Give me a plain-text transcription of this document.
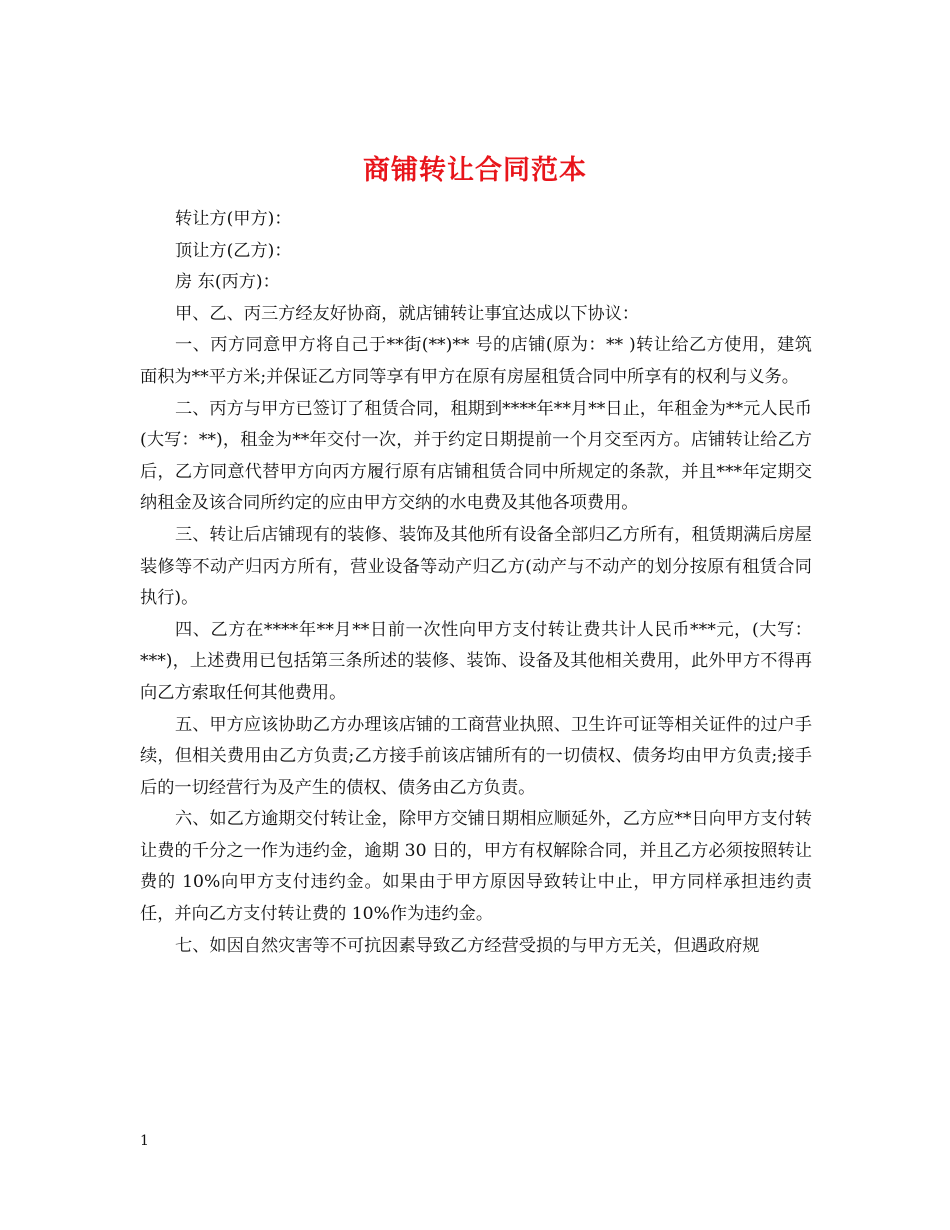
商铺转让合同范本
转让方(甲方)：
顶让方(乙方)：
房 东(丙方)：

甲、乙、丙三方经友好协商，就店铺转让事宜达成以下协议：

一、丙方同意甲方将自己于**街(**)** 号的店铺(原为：** )转让给乙方使用，建筑面积为**平方米;并保证乙方同等享有甲方在原有房屋租赁合同中所享有的权利与义务。

二、丙方与甲方已签订了租赁合同，租期到****年**月**日止，年租金为**元人民币(大写：**)，租金为**年交付一次，并于约定日期提前一个月交至丙方。店铺转让给乙方后，乙方同意代替甲方向丙方履行原有店铺租赁合同中所规定的条款，并且***年定期交纳租金及该合同所约定的应由甲方交纳的水电费及其他各项费用。

三、转让后店铺现有的装修、装饰及其他所有设备全部归乙方所有，租赁期满后房屋装修等不动产归丙方所有，营业设备等动产归乙方(动产与不动产的划分按原有租赁合同执行)。

四、乙方在****年**月**日前一次性向甲方支付转让费共计人民币***元，(大写：***)，上述费用已包括第三条所述的装修、装饰、设备及其他相关费用，此外甲方不得再向乙方索取任何其他费用。

五、甲方应该协助乙方办理该店铺的工商营业执照、卫生许可证等相关证件的过户手续，但相关费用由乙方负责;乙方接手前该店铺所有的一切债权、债务均由甲方负责;接手后的一切经营行为及产生的债权、债务由乙方负责。

六、如乙方逾期交付转让金，除甲方交铺日期相应顺延外，乙方应**日向甲方支付转让费的千分之一作为违约金，逾期 30 日的，甲方有权解除合同，并且乙方必须按照转让费的 10%向甲方支付违约金。如果由于甲方原因导致转让中止，甲方同样承担违约责任，并向乙方支付转让费的 10%作为违约金。

七、如因自然灾害等不可抗因素导致乙方经营受损的与甲方无关，但遇政府规

1
